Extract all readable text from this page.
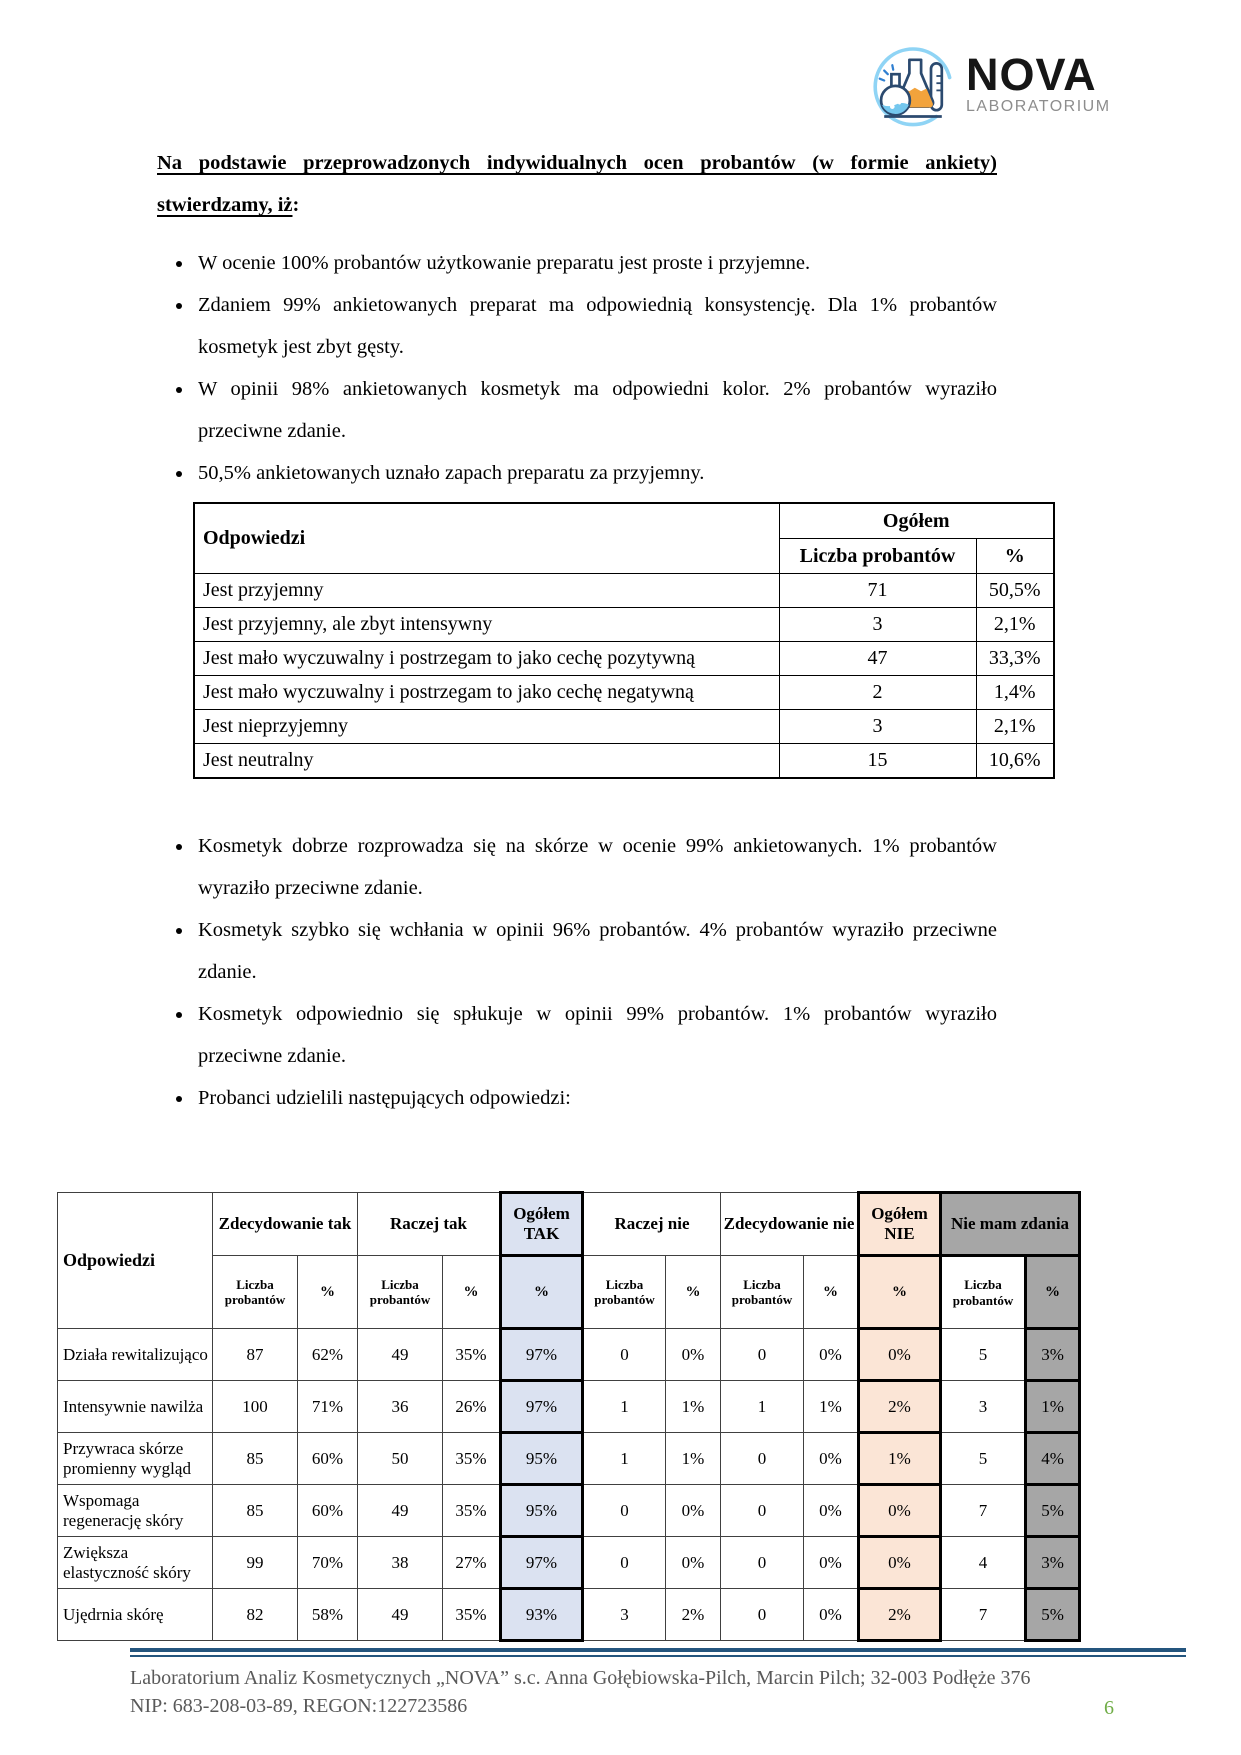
NOVA
LABORATORIUM

Na podstawie przeprowadzonych indywidualnych ocen probantów (w formie ankiety)
stwierdzamy, iż:

• W ocenie 100% probantów użytkowanie preparatu jest proste i przyjemne.
• Zdaniem 99% ankietowanych preparat ma odpowiednią konsystencję. Dla 1% probantów kosmetyk jest zbyt gęsty.
• W opinii 98% ankietowanych kosmetyk ma odpowiedni kolor. 2% probantów wyraziło przeciwne zdanie.
• 50,5% ankietowanych uznało zapach preparatu za przyjemny.
Odpowiedzi	Ogółem	
	Liczba probantów	%
Jest przyjemny	71	50,5%
Jest przyjemny, ale zbyt intensywny	3	2,1%
Jest mało wyczuwalny i postrzegam to jako cechę pozytywną	47	33,3%
Jest mało wyczuwalny i postrzegam to jako cechę negatywną	2	1,4%
Jest nieprzyjemny	3	2,1%
Jest neutralny	15	10,6%
• Kosmetyk dobrze rozprowadza się na skórze w ocenie 99% ankietowanych. 1% probantów wyraziło przeciwne zdanie.
• Kosmetyk szybko się wchłania w opinii 96% probantów. 4% probantów wyraziło przeciwne zdanie.
• Kosmetyk odpowiednio się spłukuje w opinii 99% probantów. 1% probantów wyraziło przeciwne zdanie.
• Probanci udzielili następujących odpowiedzi:
Odpowiedzi	Zdecydowanie tak		Raczej tak		Ogółem TAK	Raczej nie		Zdecydowanie nie		Ogółem NIE	Nie mam zdania	
	Liczba probantów	%	Liczba probantów	%	%	Liczba probantów	%	Liczba probantów	%	%	Liczba probantów	%
Działa rewitalizująco	87	62%	49	35%	97%	0	0%	0	0%	0%	5	3%
Intensywnie nawilża	100	71%	36	26%	97%	1	1%	1	1%	2%	3	1%
Przywraca skórze promienny wygląd	85	60%	50	35%	95%	1	1%	0	0%	1%	5	4%
Wspomaga regenerację skóry	85	60%	49	35%	95%	0	0%	0	0%	0%	7	5%
Zwiększa elastyczność skóry	99	70%	38	27%	97%	0	0%	0	0%	0%	4	3%
Ujędrnia skórę	82	58%	49	35%	93%	3	2%	0	0%	2%	7	5%
Laboratorium Analiz Kosmetycznych „NOVA” s.c. Anna Gołębiowska-Pilch, Marcin Pilch; 32-003 Podłęże 376
NIP: 683-208-03-89, REGON:122723586	6
